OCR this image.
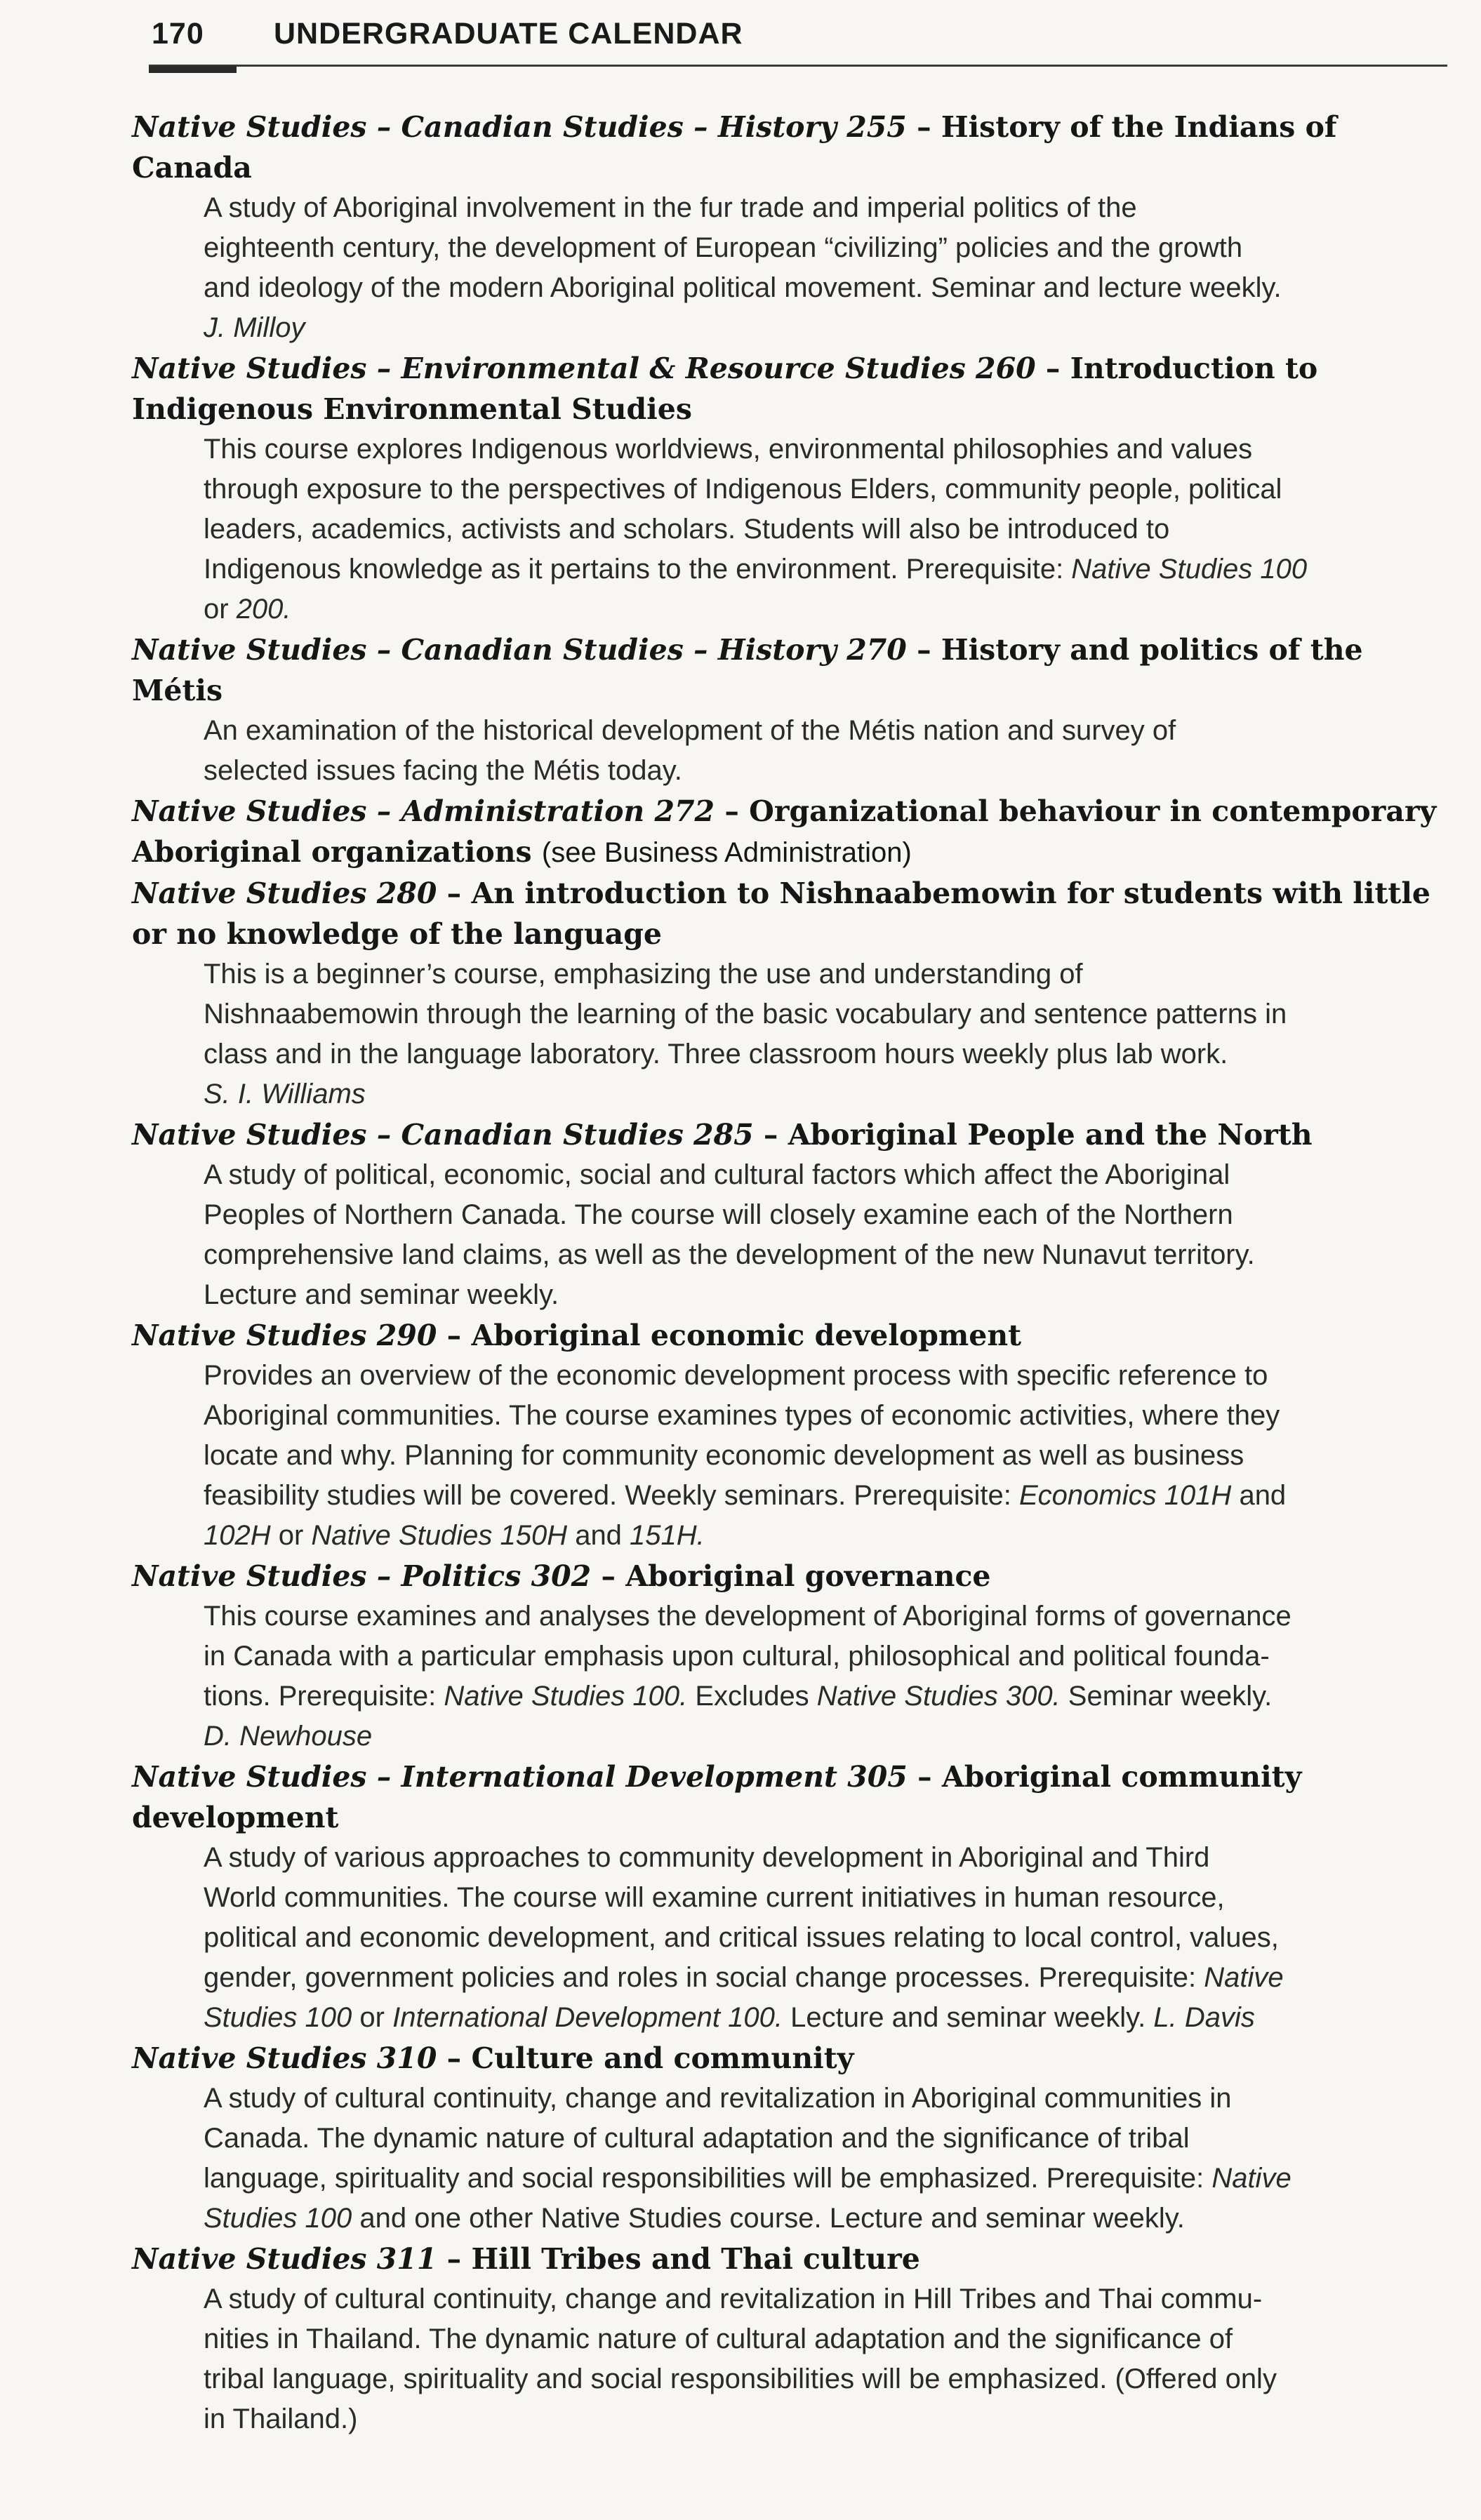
170 UNDERGRADUATE CALENDAR

Native Studies – Canadian Studies – History 255 – History of the Indians of Canada

A study of Aboriginal involvement in the fur trade and imperial politics of the
eighteenth century, the development of European “civilizing” policies and the growth
and ideology of the modern Aboriginal political movement. Seminar and lecture weekly.
J. Milloy

Native Studies – Environmental & Resource Studies 260 – Introduction to Indigenous Environmental Studies

This course explores Indigenous worldviews, environmental philosophies and values
through exposure to the perspectives of Indigenous Elders, community people, political
leaders, academics, activists and scholars. Students will also be introduced to
Indigenous knowledge as it pertains to the environment. Prerequisite: Native Studies 100
or 200.

Native Studies – Canadian Studies – History 270 – History and politics of the Métis

An examination of the historical development of the Métis nation and survey of
selected issues facing the Métis today.

Native Studies – Administration 272 – Organizational behaviour in contemporary Aboriginal organizations (see Business Administration)

Native Studies 280 – An introduction to Nishnaabemowin for students with little or no knowledge of the language

This is a beginner’s course, emphasizing the use and understanding of
Nishnaabemowin through the learning of the basic vocabulary and sentence patterns in
class and in the language laboratory. Three classroom hours weekly plus lab work.
S. I. Williams

Native Studies – Canadian Studies 285 – Aboriginal People and the North

A study of political, economic, social and cultural factors which affect the Aboriginal
Peoples of Northern Canada. The course will closely examine each of the Northern
comprehensive land claims, as well as the development of the new Nunavut territory.
Lecture and seminar weekly.

Native Studies 290 – Aboriginal economic development

Provides an overview of the economic development process with specific reference to
Aboriginal communities. The course examines types of economic activities, where they
locate and why. Planning for community economic development as well as business
feasibility studies will be covered. Weekly seminars. Prerequisite: Economics 101H and
102H or Native Studies 150H and 151H.

Native Studies – Politics 302 – Aboriginal governance

This course examines and analyses the development of Aboriginal forms of governance
in Canada with a particular emphasis upon cultural, philosophical and political founda-
tions. Prerequisite: Native Studies 100. Excludes Native Studies 300. Seminar weekly.
D. Newhouse

Native Studies – International Development 305 – Aboriginal community development

A study of various approaches to community development in Aboriginal and Third
World communities. The course will examine current initiatives in human resource,
political and economic development, and critical issues relating to local control, values,
gender, government policies and roles in social change processes. Prerequisite: Native
Studies 100 or International Development 100. Lecture and seminar weekly. L. Davis

Native Studies 310 – Culture and community

A study of cultural continuity, change and revitalization in Aboriginal communities in
Canada. The dynamic nature of cultural adaptation and the significance of tribal
language, spirituality and social responsibilities will be emphasized. Prerequisite: Native
Studies 100 and one other Native Studies course. Lecture and seminar weekly.

Native Studies 311 – Hill Tribes and Thai culture

A study of cultural continuity, change and revitalization in Hill Tribes and Thai commu-
nities in Thailand. The dynamic nature of cultural adaptation and the significance of
tribal language, spirituality and social responsibilities will be emphasized. (Offered only
in Thailand.)
